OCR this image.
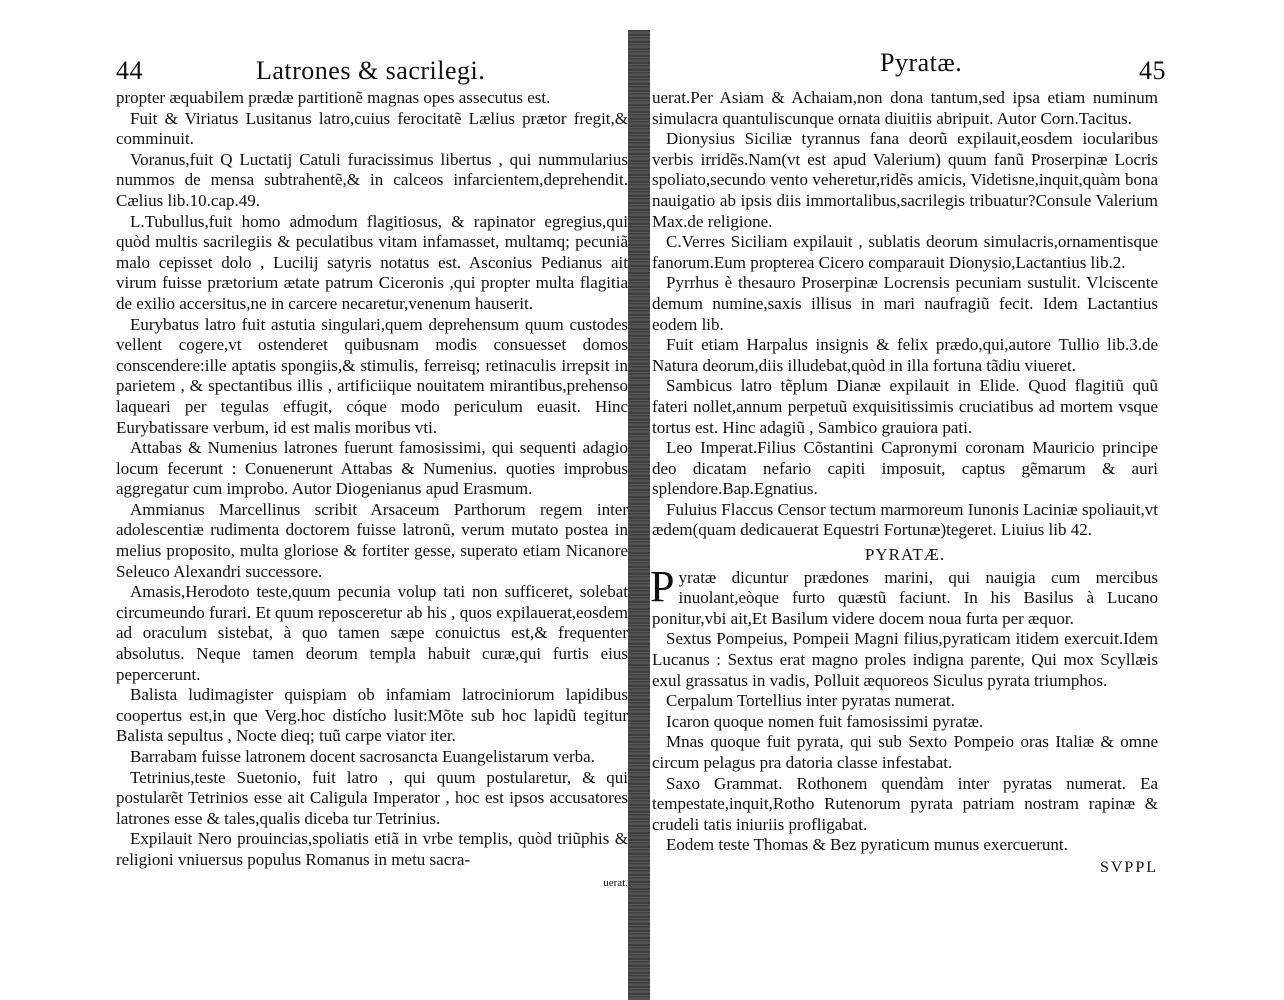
44	Latrones & sacrilegi.

propter æquabilem prædæ partitionẽ magnas opes assecutus est.

Fuit & Viriatus Lusitanus latro,cuius ferocitatẽ Lælius prætor fregit,& comminuit.

Voranus,fuit Q Luctatij Catuli furacissimus libertus , qui nummularius nummos de mensa subtrahentẽ,& in calceos infarcientem,deprehendit. Cælius lib.10.cap.49.

L.Tubullus,fuit homo admodum flagitiosus, & rapinator egregius,qui quòd multis sacrilegiis & peculatibus vitam infamasset, multamq; pecuniã malo cepisset dolo , Lucilij satyris notatus est. Asconius Pedianus ait virum fuisse prætorium ætate patrum Ciceronis ,qui propter multa flagitia de exilio accersitus,ne in carcere necaretur,venenum hauserit.

Eurybatus latro fuit astutia singulari,quem deprehensum quum custodes vellent cogere,vt ostenderet quibusnam modis consuesset domos conscendere:ille aptatis spongiis,& stimulis, ferreisq; retinaculis irrepsit in parietem , & spectantibus illis , artificiique nouitatem mirantibus,prehenso laqueari per tegulas effugit, cóque modo periculum euasit. Hinc Eurybatissare verbum, id est malis moribus vti.

Attabas & Numenius latrones fuerunt famosissimi, qui sequenti adagio locum fecerunt : Conuenerunt Attabas & Numenius. quoties improbus aggregatur cum improbo. Autor Diogenianus apud Erasmum.

Ammianus Marcellinus scribit Arsaceum Parthorum regem inter adolescentiæ rudimenta doctorem fuisse latronũ, verum mutato postea in melius proposito, multa gloriose & fortiter gesse, superato etiam Nicanore Seleuco Alexandri successore.

Amasis,Herodoto teste,quum pecunia volup tati non sufficeret, solebat circumeundo furari. Et quum reposceretur ab his , quos expilauerat,eosdem ad oraculum sistebat, à quo tamen sæpe conuictus est,& frequenter absolutus. Neque tamen deorum templa habuit curæ,qui furtis eius pepercerunt.

Balista ludimagister quispiam ob infamiam latrociniorum lapidibus coopertus est,in que Verg.hoc distícho lusit:Mõte sub hoc lapidũ tegitur Balista sepultus , Nocte dieq; tuũ carpe viator iter.

Barrabam fuisse latronem docent sacrosancta Euangelistarum verba.

Tetrinius,teste Suetonio, fuit latro , qui quum postularetur, & qui postularẽt Tetrinios esse ait Caligula Imperator , hoc est ipsos accusatores latrones esse & tales,qualis diceba tur Tetrinius.

Expilauit Nero prouincias,spoliatis etiã in vrbe templis, quòd triũphis & religioni vniuersus populus Romanus in metu sacra-

uerat.
Pyratæ.	45

uerat.Per Asiam & Achaiam,non dona tantum,sed ipsa etiam numinum simulacra quantuliscunque ornata diuitiis abripuit. Autor Corn.Tacitus.

Dionysius Siciliæ tyrannus fana deorũ expilauit,eosdem iocularibus verbis irridẽs.Nam(vt est apud Valerium) quum fanũ Proserpinæ Locris spoliato,secundo vento veheretur,ridẽs amicis, Videtisne,inquit,quàm bona nauigatio ab ipsis diis immortalibus,sacrilegis tribuatur?Consule Valerium Max.de religione.

C.Verres Siciliam expilauit , sublatis deorum simulacris,ornamentisque fanorum.Eum propterea Cicero comparauit Dionysio,Lactantius lib.2.

Pyrrhus è thesauro Proserpinæ Locrensis pecuniam sustulit. Vlciscente demum numine,saxis illisus in mari naufragiũ fecit. Idem Lactantius eodem lib.

Fuit etiam Harpalus insignis & felix prædo,qui,autore Tullio lib.3.de Natura deorum,diis illudebat,quòd in illa fortuna tãdiu viueret.

Sambicus latro tẽplum Dianæ expilauit in Elide. Quod flagitiũ quũ fateri nollet,annum perpetuũ exquisitissimis cruciatibus ad mortem vsque tortus est. Hinc adagiũ , Sambico grauiora pati.

Leo Imperat.Filius Cõstantini Capronymi coronam Mauricio principe deo dicatam nefario capiti imposuit, captus gẽmarum & auri splendore.Bap.Egnatius.

Fuluius Flaccus Censor tectum marmoreum Iunonis Laciniæ spoliauit,vt ædem(quam dedicauerat Equestri Fortunæ)tegeret. Liuius lib 42.

PYRATÆ.

Pyratæ dicuntur prædones marini, qui nauigia cum mercibus inuolant,eòque furto quæstũ faciunt. In his Basilus à Lucano ponitur,vbi ait,Et Basilum videre docem noua furta per æquor.

Sextus Pompeius, Pompeii Magni filius,pyraticam itidem exercuit.Idem Lucanus : Sextus erat magno proles indigna parente, Qui mox Scyllæis exul grassatus in vadis, Polluit æquoreos Siculus pyrata triumphos.

Cerpalum Tortellius inter pyratas numerat.

Icaron quoque nomen fuit famosissimi pyratæ.

Mnas quoque fuit pyrata, qui sub Sexto Pompeio oras Italiæ & omne circum pelagus pra datoria classe infestabat.

Saxo Grammat. Rothonem quendàm inter pyratas numerat. Ea tempestate,inquit,Rotho Rutenorum pyrata patriam nostram rapinæ & crudeli tatis iniuriis profligabat.

Eodem teste Thomas & Bez pyraticum munus exercuerunt.

SVPPL
